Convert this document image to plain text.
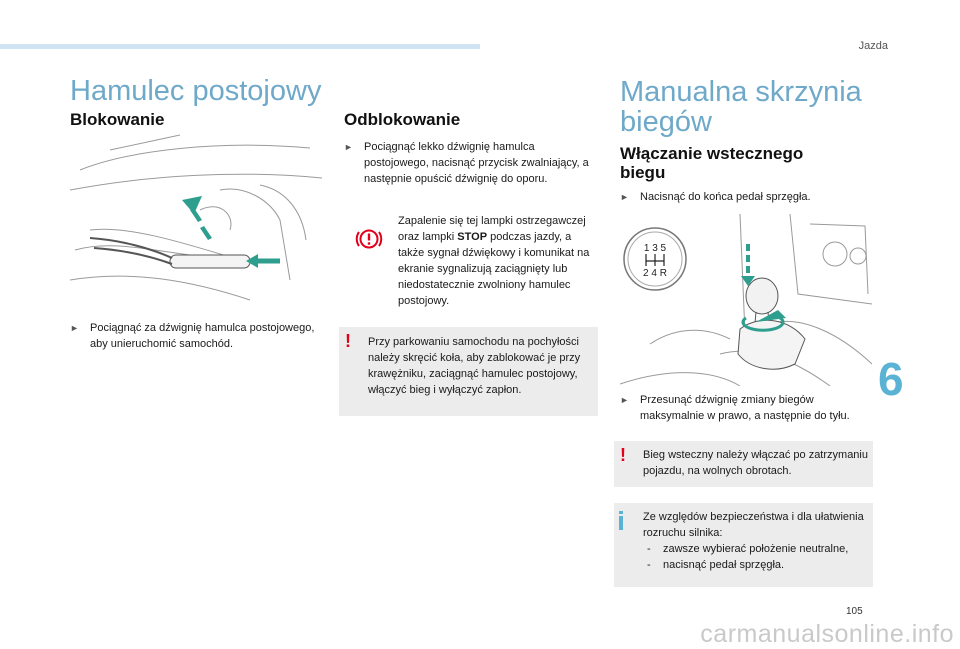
Jazda
6
105
carmanualsonline.info
Hamulec postojowy
Blokowanie
► Pociągnąć za dźwignię hamulca postojowego, aby unieruchomić samochód.
Odblokowanie
► Pociągnąć lekko dźwignię hamulca postojowego, nacisnąć przycisk zwalniający, a następnie opuścić dźwignię do oporu.
Zapalenie się tej lampki ostrzegawczej oraz lampki STOP podczas jazdy, a także sygnał dźwiękowy i komunikat na ekranie sygnalizują zaciągnięty lub niedostatecznie zwolniony hamulec postojowy.
! Przy parkowaniu samochodu na pochyłości należy skręcić koła, aby zablokować je przy krawężniku, zaciągnąć hamulec postojowy, włączyć bieg i wyłączyć zapłon.
Manualna skrzynia
biegów
Włączanie wstecznego
biegu
► Nacisnąć do końca pedał sprzęgła.
1 3 5
2 4 R
► Przesunąć dźwignię zmiany biegów maksymalnie w prawo, a następnie do tyłu.
! Bieg wsteczny należy włączać po zatrzymaniu pojazdu, na wolnych obrotach.
Ze względów bezpieczeństwa i dla ułatwienia rozruchu silnika:
- zawsze wybierać położenie neutralne,
- nacisnąć pedał sprzęgła.
